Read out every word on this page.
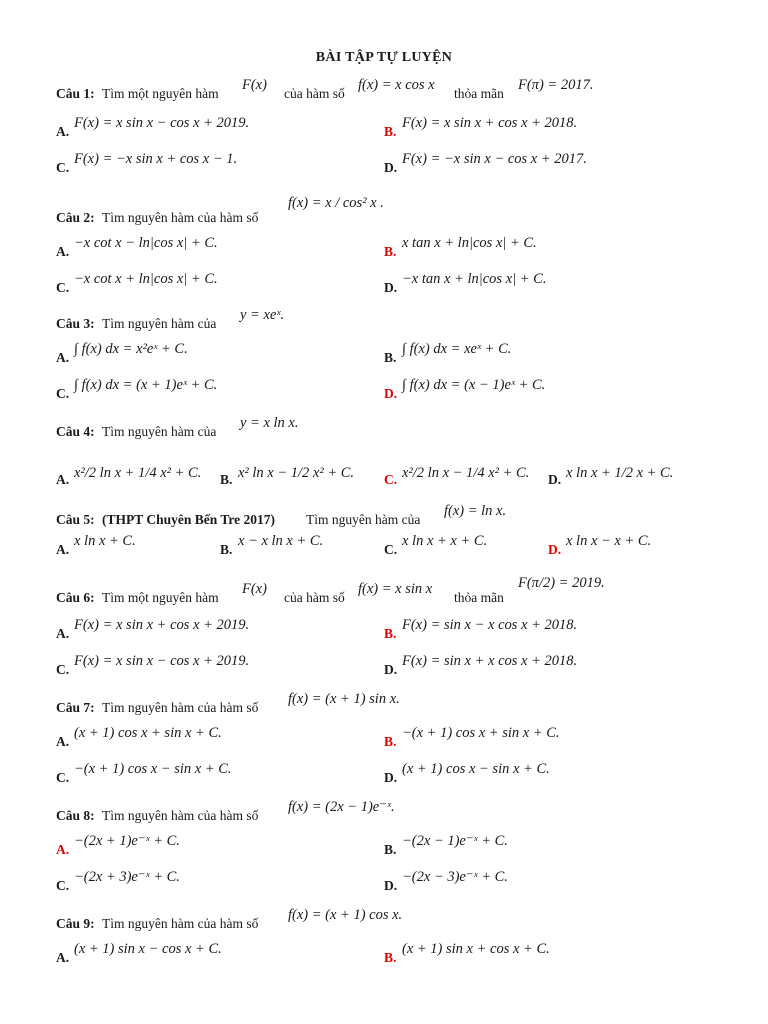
BÀI TẬP TỰ LUYỆN
Câu 1: Tìm một nguyên hàm
F(x)
của hàm số
f(x) = x cos x
thỏa mãn
F(π) = 2017.
A.
F(x) = x sin x − cos x + 2019.
B.
F(x) = x sin x + cos x + 2018.
C.
F(x) = −x sin x + cos x − 1.
D.
F(x) = −x sin x − cos x + 2017.
Câu 2: Tìm nguyên hàm của hàm số
f(x) = x / cos² x .
A.
−x cot x − ln|cos x| + C.
B.
x tan x + ln|cos x| + C.
C.
−x cot x + ln|cos x| + C.
D.
−x tan x + ln|cos x| + C.
Câu 3: Tìm nguyên hàm của
y = xeˣ.
A.
∫ f(x) dx = x²eˣ + C.
B.
∫ f(x) dx = xeˣ + C.
C.
∫ f(x) dx = (x + 1)eˣ + C.
D.
∫ f(x) dx = (x − 1)eˣ + C.
Câu 4: Tìm nguyên hàm của
y = x ln x.
A. x²/2 ln x + 1/4 x² + C. B. x² ln x − 1/2 x² + C. C. x²/2 ln x − 1/4 x² + C. D. x ln x + 1/2 x + C.
Câu 5: (THPT Chuyên Bến Tre 2017) Tìm nguyên hàm của
f(x) = ln x.
A.
x ln x + C.
B.
x − x ln x + C.
C.
x ln x + x + C.
D.
x ln x − x + C.
Câu 6: Tìm một nguyên hàm
F(x)
của hàm số
f(x) = x sin x
thỏa mãn
F(π/2) = 2019.
A.
F(x) = x sin x + cos x + 2019.
B.
F(x) = sin x − x cos x + 2018.
C.
F(x) = x sin x − cos x + 2019.
D.
F(x) = sin x + x cos x + 2018.
Câu 7: Tìm nguyên hàm của hàm số
f(x) = (x + 1) sin x.
A.
(x + 1) cos x + sin x + C.
B.
−(x + 1) cos x + sin x + C.
C.
−(x + 1) cos x − sin x + C.
D.
(x + 1) cos x − sin x + C.
Câu 8: Tìm nguyên hàm của hàm số
f(x) = (2x − 1)e⁻ˣ.
A.
−(2x + 1)e⁻ˣ + C.
B.
−(2x − 1)e⁻ˣ + C.
C.
−(2x + 3)e⁻ˣ + C.
D.
−(2x − 3)e⁻ˣ + C.
Câu 9: Tìm nguyên hàm của hàm số
f(x) = (x + 1) cos x.
A.
(x + 1) sin x − cos x + C.
B.
(x + 1) sin x + cos x + C.
